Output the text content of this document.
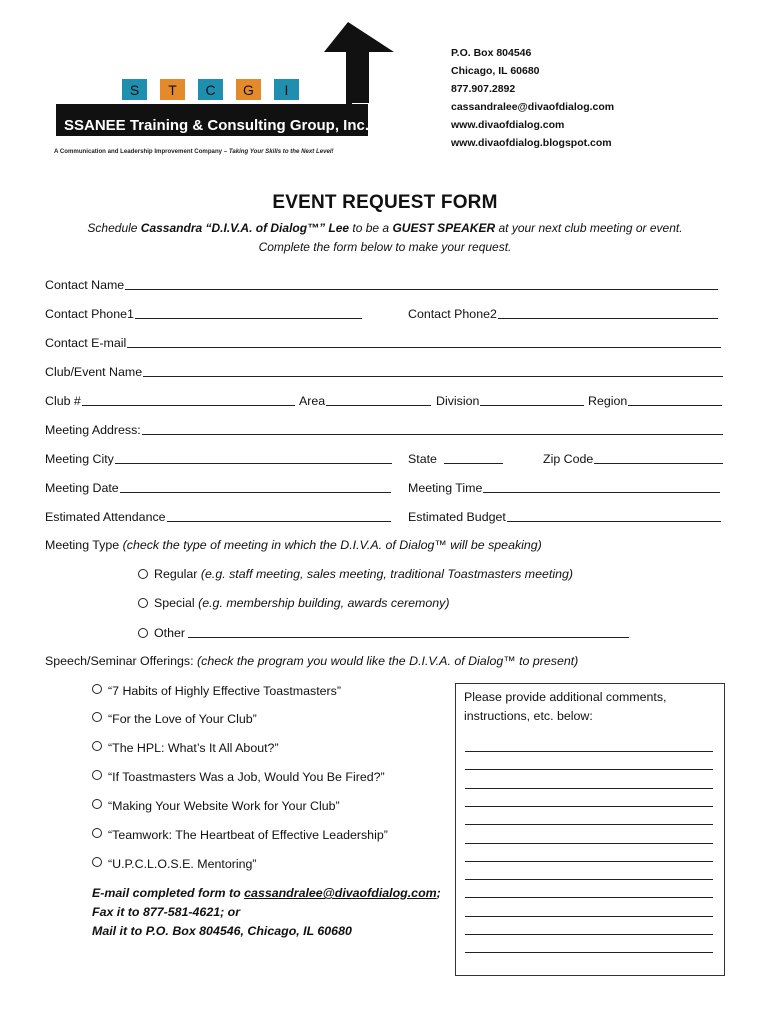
S T C G I
SSANEE Training & Consulting Group, Inc.
A Communication and Leadership Improvement Company – Taking Your Skills to the Next Level!
P.O. Box 804546
Chicago, IL 60680
877.907.2892
cassandralee@divaofdialog.com
www.divaofdialog.com
www.divaofdialog.blogspot.com
EVENT REQUEST FORM
Schedule Cassandra “D.I.V.A. of Dialog™” Lee to be a GUEST SPEAKER at your next club meeting or event.
Complete the form below to make your request.
Contact Name
Contact Phone1	Contact Phone2
Contact E-mail
Club/Event Name
Club #	Area	Division	Region
Meeting Address:
Meeting City	State	Zip Code
Meeting Date	Meeting Time
Estimated Attendance	Estimated Budget
Meeting Type
(check the type of meeting in which the D.I.V.A. of Dialog™ will be speaking)
Regular
(e.g. staff meeting, sales meeting, traditional Toastmasters meeting)
Special
(e.g. membership building, awards ceremony)
Other

Speech/Seminar Offerings:
(check the program you would like the D.I.V.A. of Dialog™ to present)
“7 Habits of Highly Effective Toastmasters”
“For the Love of Your Club”
“The HPL: What’s It All About?”
“If Toastmasters Was a Job, Would You Be Fired?”
“Making Your Website Work for Your Club”
“Teamwork: The Heartbeat of Effective Leadership”
“U.P.C.L.O.S.E. Mentoring”
E-mail completed form to cassandralee@divaofdialog.com;
Fax it to 877-581-4621; or
Mail it to P.O. Box 804546, Chicago, IL 60680
Please provide additional comments, instructions, etc. below:
